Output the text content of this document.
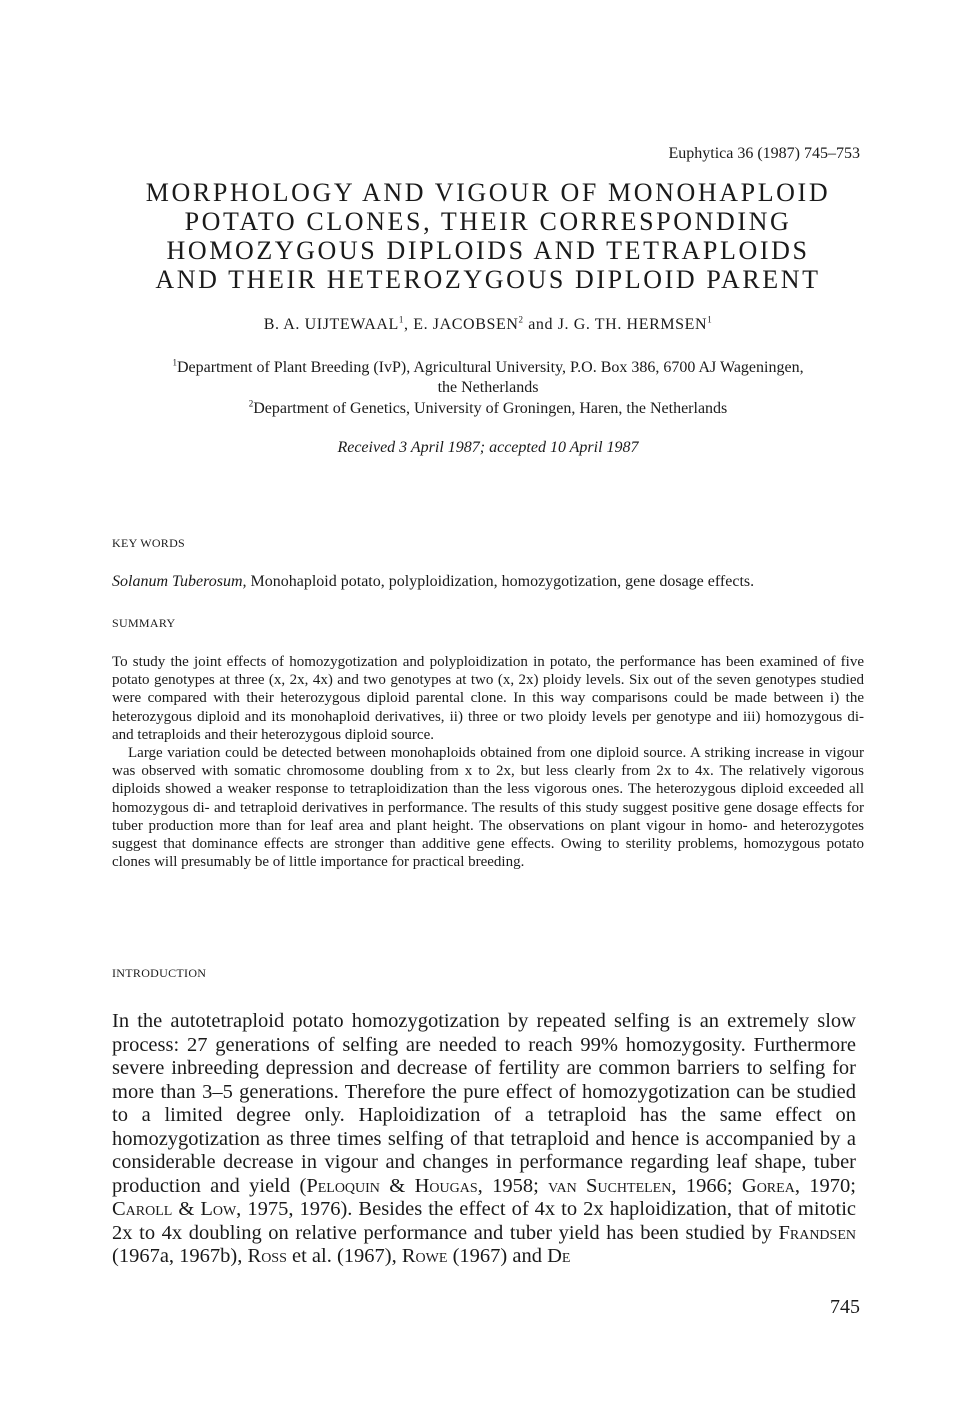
Euphytica 36 (1987) 745–753
MORPHOLOGY AND VIGOUR OF MONOHAPLOID
POTATO CLONES, THEIR CORRESPONDING
HOMOZYGOUS DIPLOIDS AND TETRAPLOIDS
AND THEIR HETEROZYGOUS DIPLOID PARENT
B. A. UIJTEWAAL$^1$, E. JACOBSEN$^2$ and J. G. TH. HERMSEN$^1$
$^1$Department of Plant Breeding (IvP), Agricultural University, P.O. Box 386, 6700 AJ Wageningen,
the Netherlands
$^2$Department of Genetics, University of Groningen, Haren, the Netherlands
Received 3 April 1987; accepted 10 April 1987
KEY WORDS
Solanum Tuberosum, Monohaploid potato, polyploidization, homozygotization, gene dosage effects.
SUMMARY

To study the joint effects of homozygotization and polyploidization in potato, the performance has been examined of five potato genotypes at three (x, 2x, 4x) and two genotypes at two (x, 2x) ploidy levels. Six out of the seven genotypes studied were compared with their heterozygous diploid parental clone. In this way comparisons could be made between i) the heterozygous diploid and its monohaploid derivatives, ii) three or two ploidy levels per genotype and iii) homozygous di- and tetraploids and their heterozygous diploid source.

Large variation could be detected between monohaploids obtained from one diploid source. A striking increase in vigour was observed with somatic chromosome doubling from x to 2x, but less clearly from 2x to 4x. The relatively vigorous diploids showed a weaker response to tetraploidization than the less vigorous ones. The heterozygous diploid exceeded all homozygous di- and tetraploid derivatives in performance. The results of this study suggest positive gene dosage effects for tuber production more than for leaf area and plant height. The observations on plant vigour in homo- and heterozygotes suggest that dominance effects are stronger than additive gene effects. Owing to sterility problems, homozygous potato clones will presumably be of little importance for practical breeding.

INTRODUCTION
In the autotetraploid potato homozygotization by repeated selfing is an extremely slow process: 27 generations of selfing are needed to reach 99% homozygosity. Furthermore severe inbreeding depression and decrease of fertility are common barriers to selfing for more than 3–5 generations. Therefore the pure effect of homozygotization can be studied to a limited degree only. Haploidization of a tetraploid has the same effect on homozygotization as three times selfing of that tetraploid and hence is accompanied by a considerable decrease in vigour and changes in performance regarding leaf shape, tuber production and yield (Peloquin & Hougas, 1958; van Suchtelen, 1966; Gorea, 1970; Caroll & Low, 1975, 1976). Besides the effect of 4x to 2x haploidization, that of mitotic 2x to 4x doubling on relative performance and tuber yield has been studied by Frandsen (1967a, 1967b), Ross et al. (1967), Rowe (1967) and De
745
